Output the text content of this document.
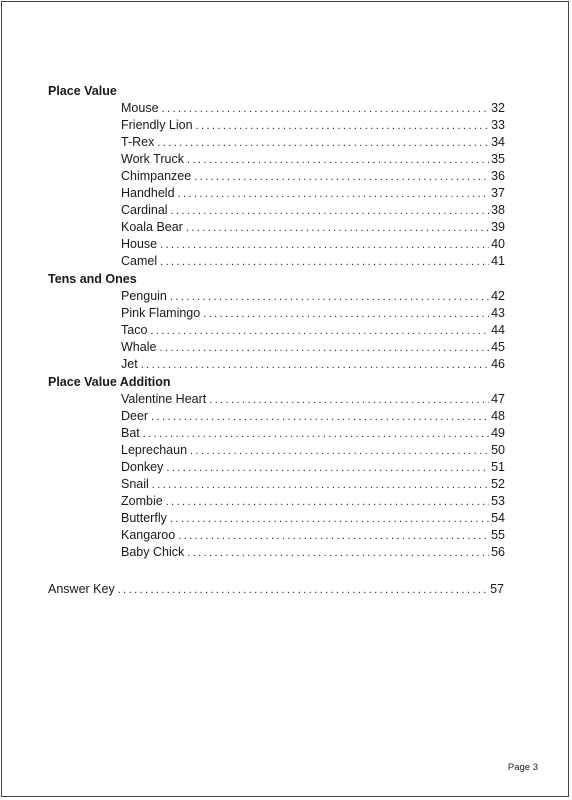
Place Value
Mouse .....	32
Friendly Lion .....	33
T-Rex .....	34
Work Truck .....	35
Chimpanzee .....	36
Handheld .....	37
Cardinal .....	38
Koala Bear .....	39
House .....	40
Camel .....	41
Tens and Ones
Penguin .....	42
Pink Flamingo .....	43
Taco .....	44
Whale .....	45
Jet .....	46
Place Value Addition
Valentine Heart .....	47
Deer .....	48
Bat .....	49
Leprechaun .....	50
Donkey .....	51
Snail .....	52
Zombie .....	53
Butterfly .....	54
Kangaroo .....	55
Baby Chick .....	56
Answer Key .....	57
Page 3
